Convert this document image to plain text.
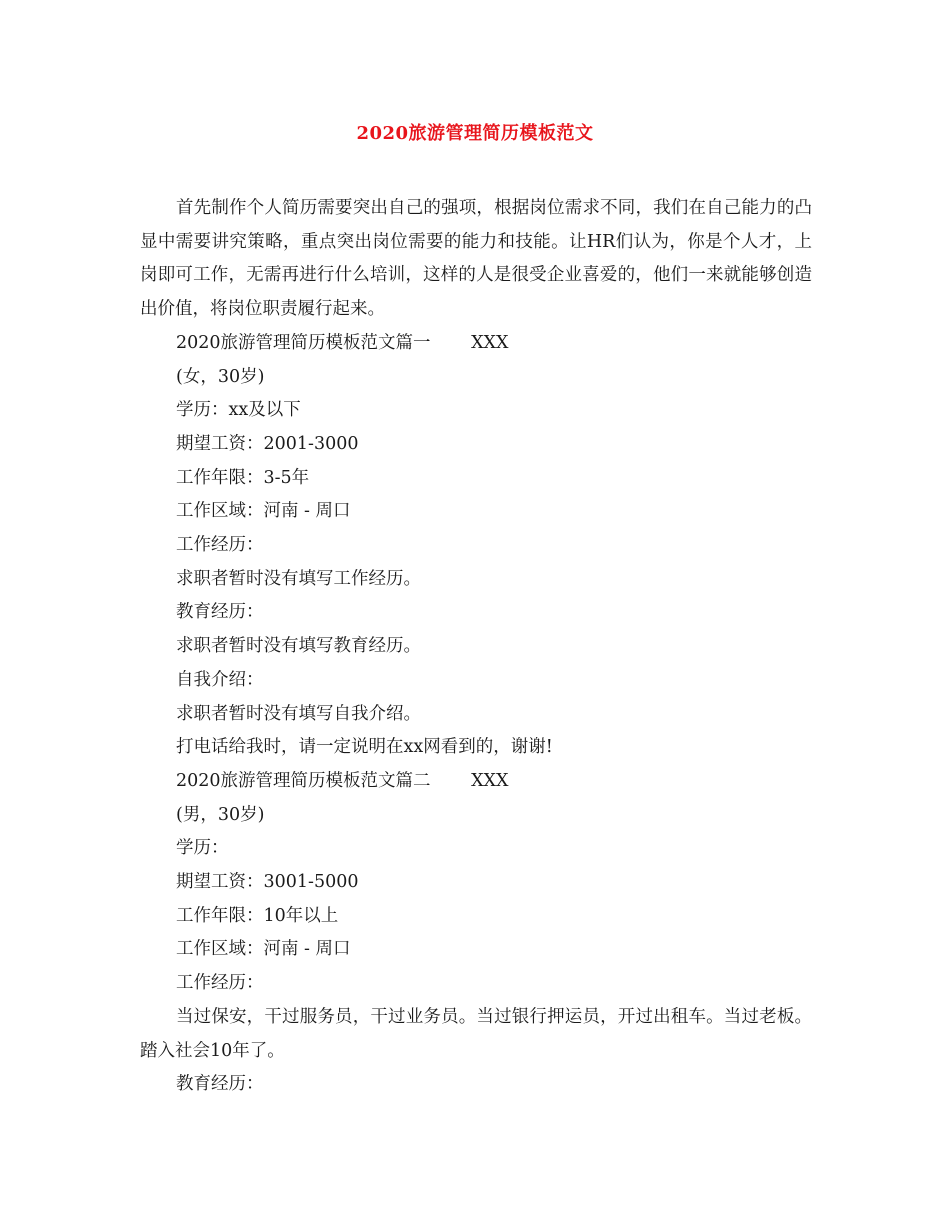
2020旅游管理简历模板范文

首先制作个人简历需要突出自己的强项，根据岗位需求不同，我们在自己能力的凸显中需要讲究策略，重点突出岗位需要的能力和技能。让HR们认为，你是个人才，上岗即可工作，无需再进行什么培训，这样的人是很受企业喜爱的，他们一来就能够创造出价值，将岗位职责履行起来。

2020旅游管理简历模板范文篇一　　 XXX

(女，30岁)

学历：xx及以下

期望工资：2001-3000

工作年限：3-5年

工作区域：河南 - 周口

工作经历：

求职者暂时没有填写工作经历。

教育经历：

求职者暂时没有填写教育经历。

自我介绍：

求职者暂时没有填写自我介绍。

打电话给我时，请一定说明在xx网看到的，谢谢!

2020旅游管理简历模板范文篇二　　 XXX

(男，30岁)

学历：

期望工资：3001-5000

工作年限：10年以上

工作区域：河南 - 周口

工作经历：

当过保安，干过服务员，干过业务员。当过银行押运员，开过出租车。当过老板。踏入社会10年了。

教育经历：
